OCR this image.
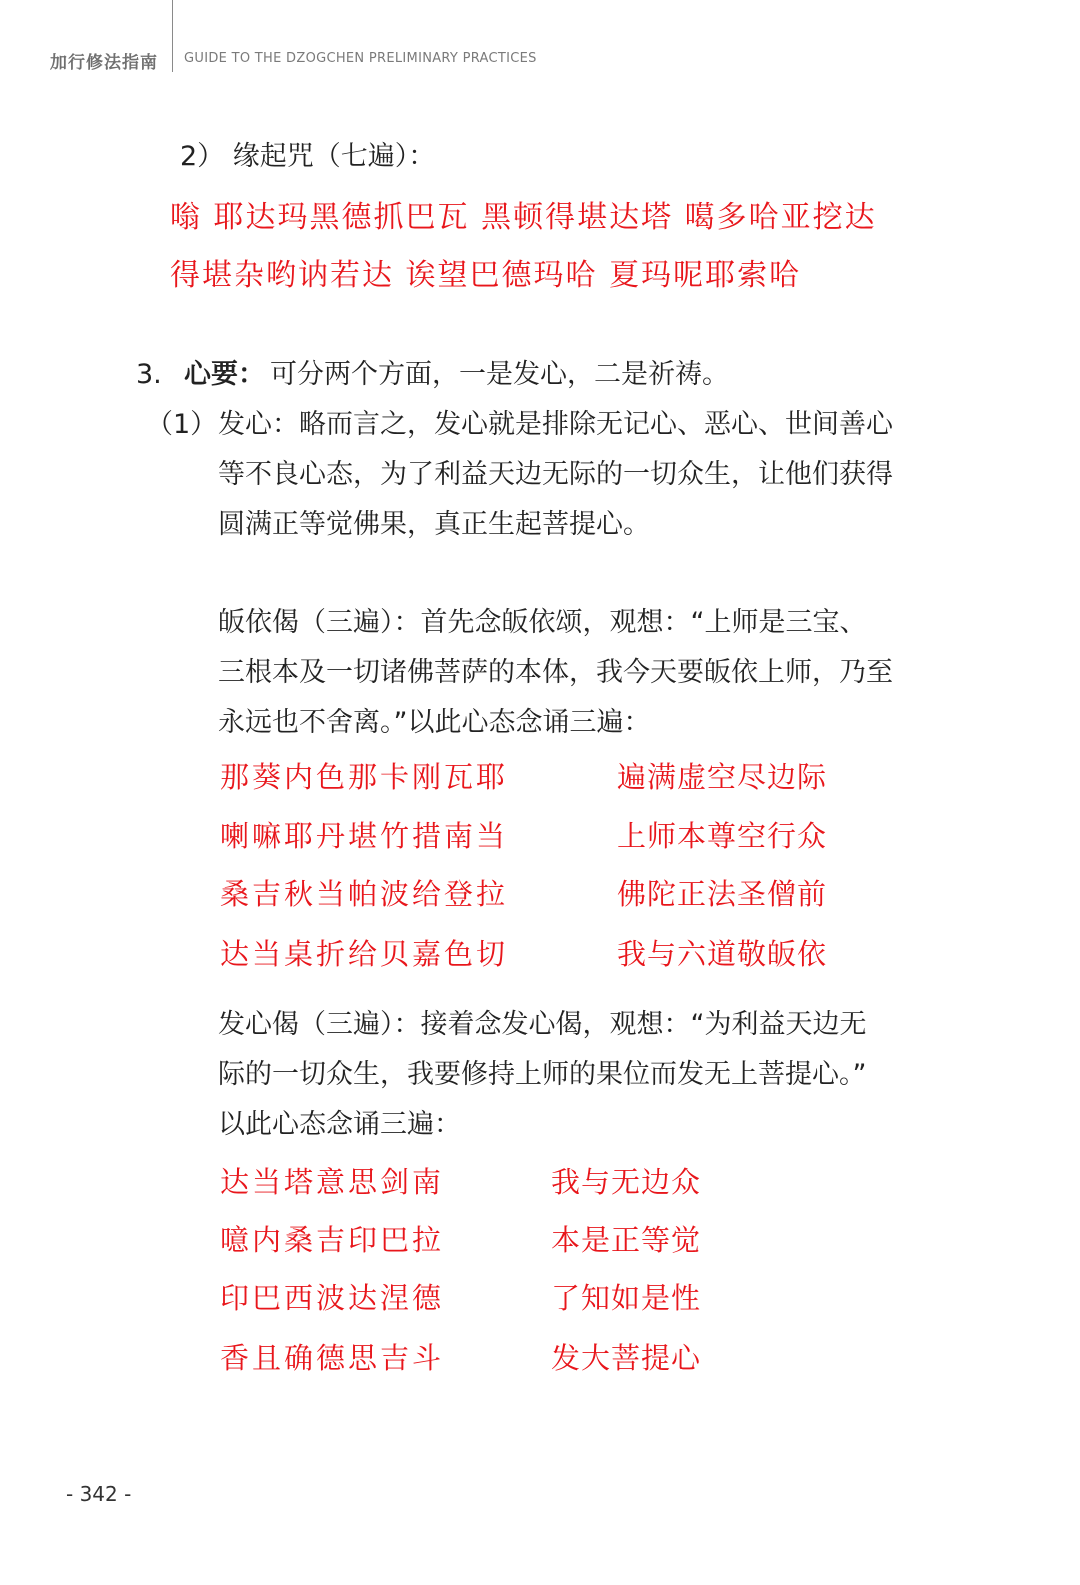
加行修法指南 GUIDE TO THE DZOGCHEN PRELIMINARY PRACTICES
2） 缘起咒（七遍）：
嗡 耶达玛黑德抓巴瓦 黑顿得堪达塔 噶多哈亚挖达
得堪杂哟讷若达 诶望巴德玛哈 夏玛呢耶索哈
3. 心要： 可分两个方面，一是发心，二是祈祷。
（1） 发心：略而言之，发心就是排除无记心、恶心、世间善心
等不良心态，为了利益天边无际的一切众生，让他们获得
圆满正等觉佛果，真正生起菩提心。
皈依偈（三遍）：首先念皈依颂，观想：“上师是三宝、
三根本及一切诸佛菩萨的本体，我今天要皈依上师，乃至
永远也不舍离。”以此心态念诵三遍：
那葵内色那卡刚瓦耶
喇嘛耶丹堪竹措南当
桑吉秋当帕波给登拉
达当桌折给贝嘉色切
遍满虚空尽边际
上师本尊空行众
佛陀正法圣僧前
我与六道敬皈依
发心偈（三遍）：接着念发心偈，观想：“为利益天边无
际的一切众生，我要修持上师的果位而发无上菩提心。”
以此心态念诵三遍：
达当塔意思剑南
噫内桑吉印巴拉
印巴西波达涅德
香且确德思吉斗
我与无边众
本是正等觉
了知如是性
发大菩提心
- 342 -
